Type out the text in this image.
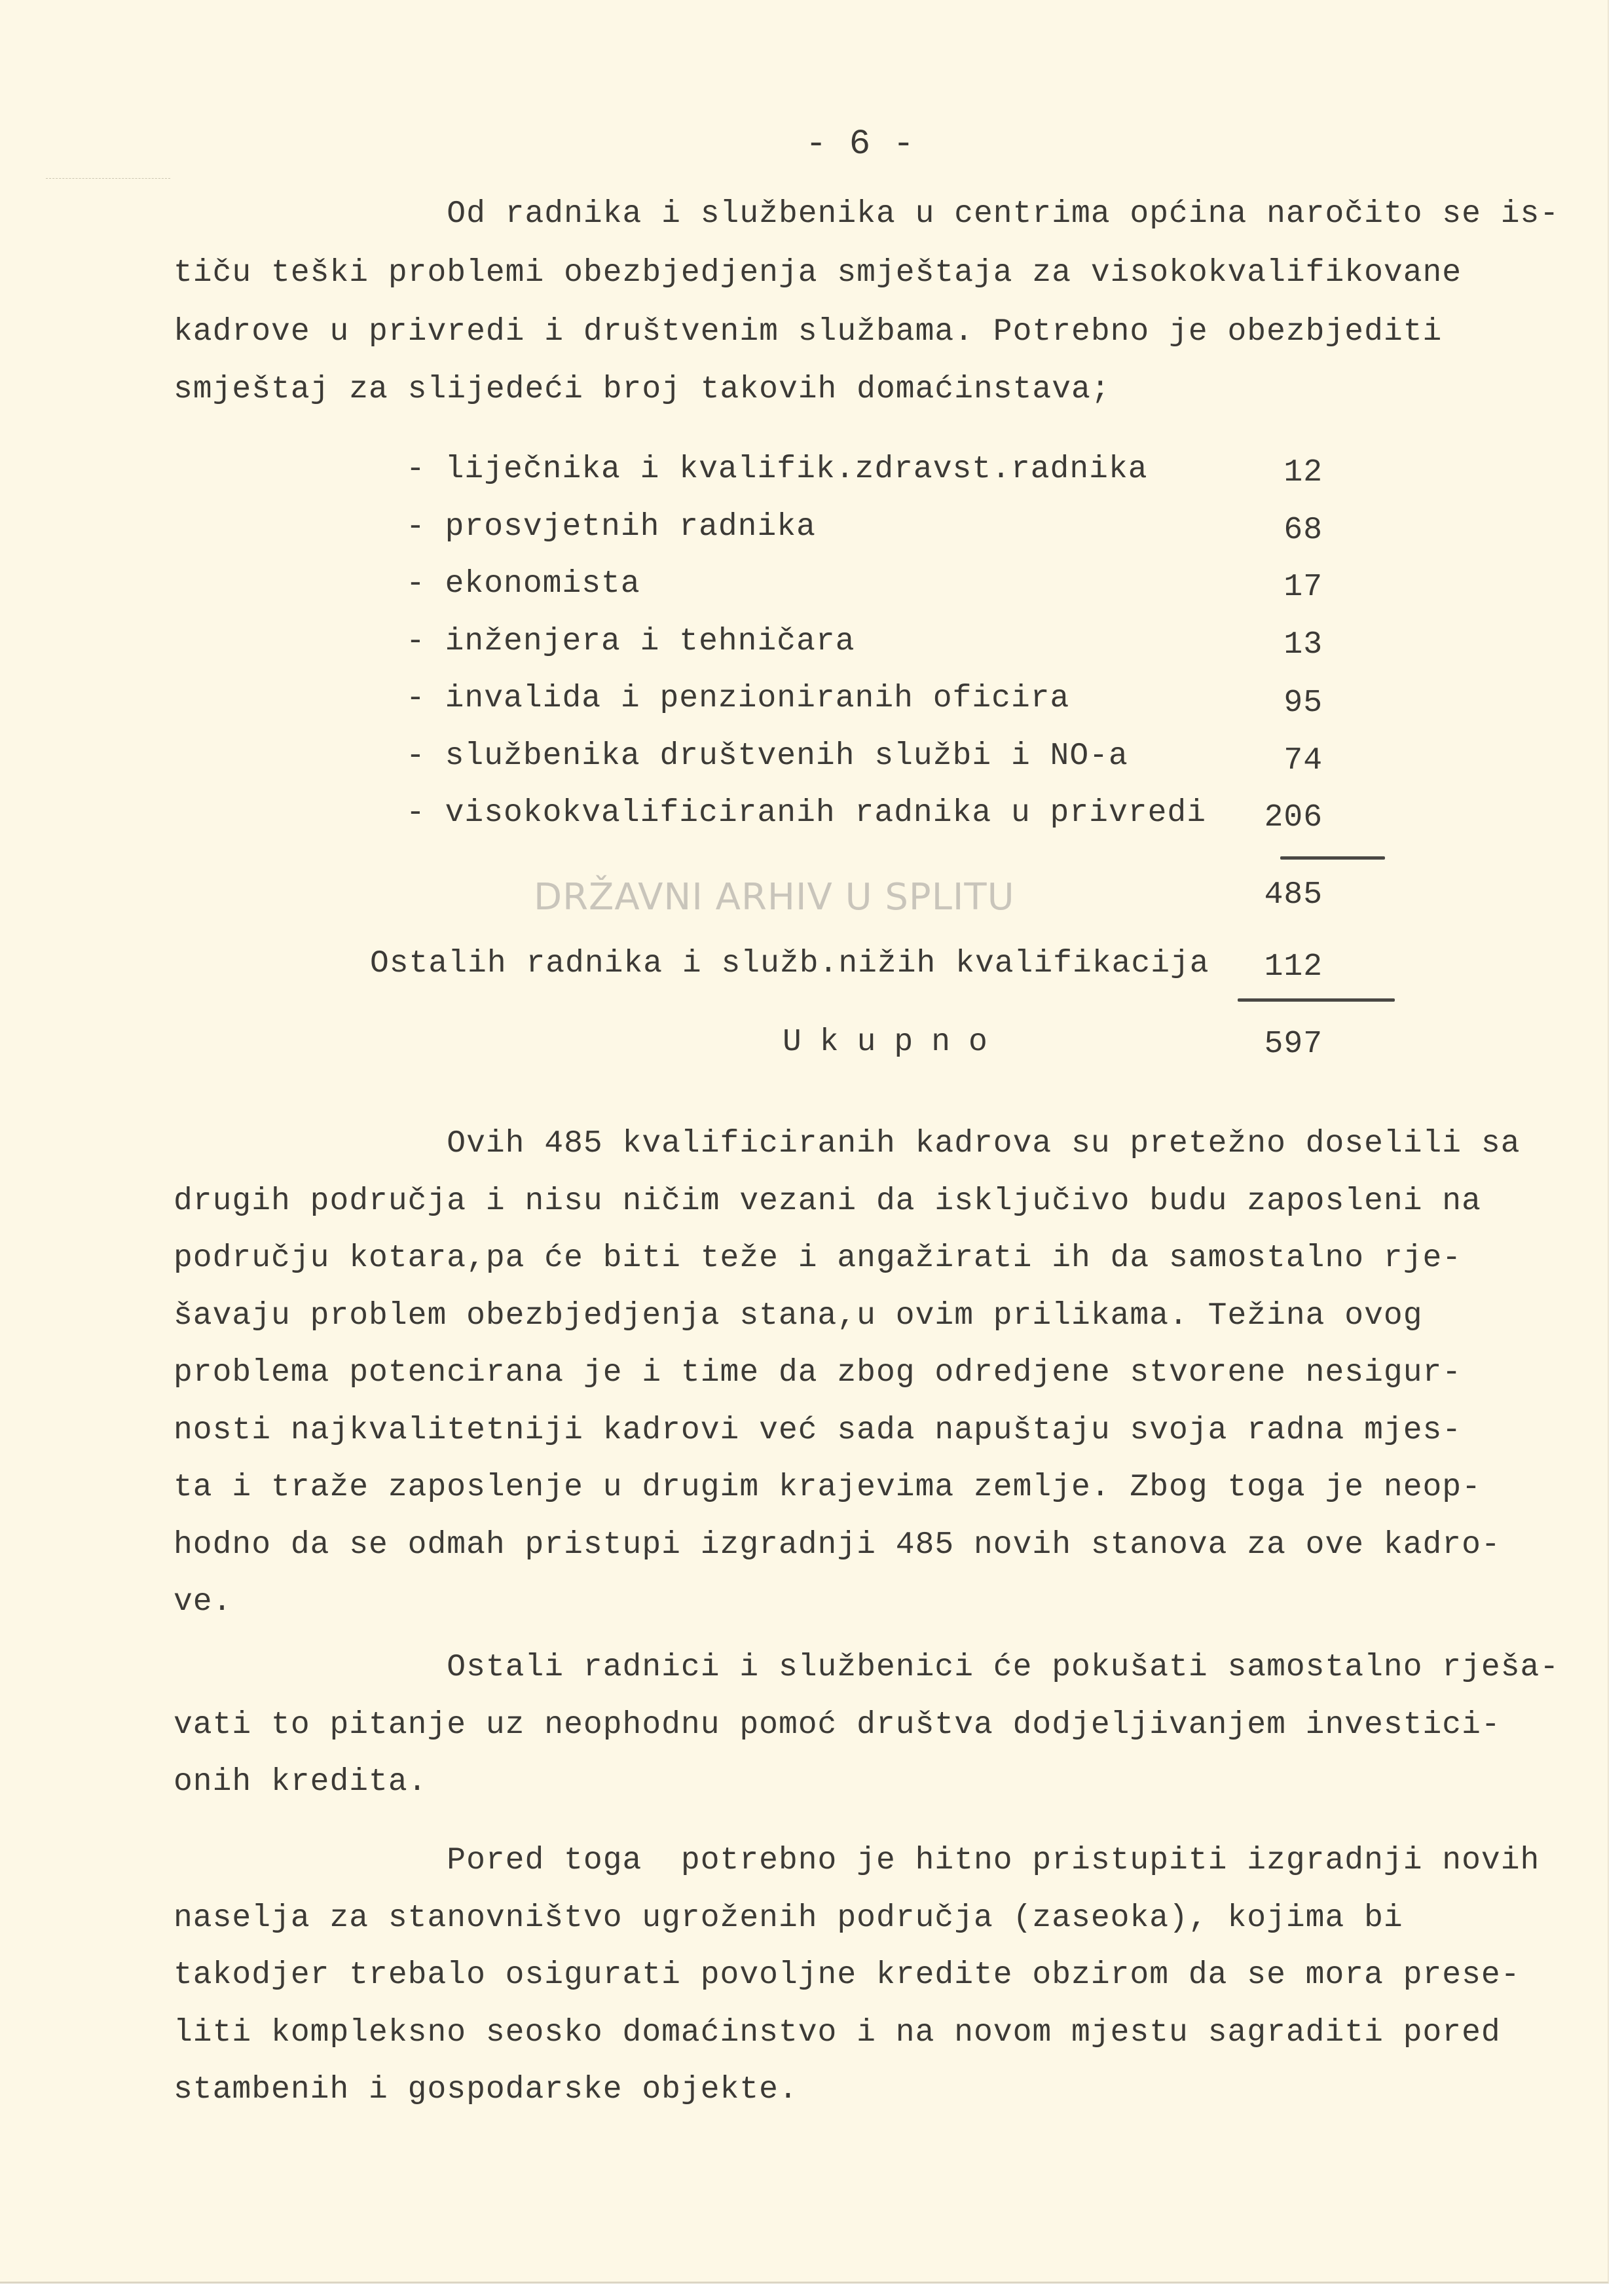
- 6 -
Od radnika i službenika u centrima općina naročito se is-
tiču teški problemi obezbjedjenja smještaja za visokokvalifikovane
kadrove u privredi i društvenim službama. Potrebno je obezbjediti
smještaj za slijedeći broj takovih domaćinstava;
- liječnika i kvalifik.zdravst.radnika	12
- prosvjetnih radnika	68
- ekonomista	17
- inženjera i tehničara	13
- invalida i penzioniranih oficira	95
- službenika društvenih službi i NO-a	74
- visokokvalificiranih radnika u privredi	206
485
Ostalih radnika i služb.nižih kvalifikacija	112
Ukupno	597
DRŽAVNI ARHIV U SPLITU
Ovih 485 kvalificiranih kadrova su pretežno doselili sa
drugih područja i nisu ničim vezani da isključivo budu zaposleni na
području kotara,pa će biti teže i angažirati ih da samostalno rje-
šavaju problem obezbjedjenja stana,u ovim prilikama. Težina ovog
problema potencirana je i time da zbog odredjene stvorene nesigur-
nosti najkvalitetniji kadrovi već sada napuštaju svoja radna mjes-
ta i traže zaposlenje u drugim krajevima zemlje. Zbog toga je neop-
hodno da se odmah pristupi izgradnji 485 novih stanova za ove kadro-
ve.
Ostali radnici i službenici će pokušati samostalno rješa-
vati to pitanje uz neophodnu pomoć društva dodjeljivanjem investici-
onih kredita.
Pored toga  potrebno je hitno pristupiti izgradnji novih
naselja za stanovništvo ugroženih područja (zaseoka), kojima bi
takodjer trebalo osigurati povoljne kredite obzirom da se mora prese-
liti kompleksno seosko domaćinstvo i na novom mjestu sagraditi pored
stambenih i gospodarske objekte.
